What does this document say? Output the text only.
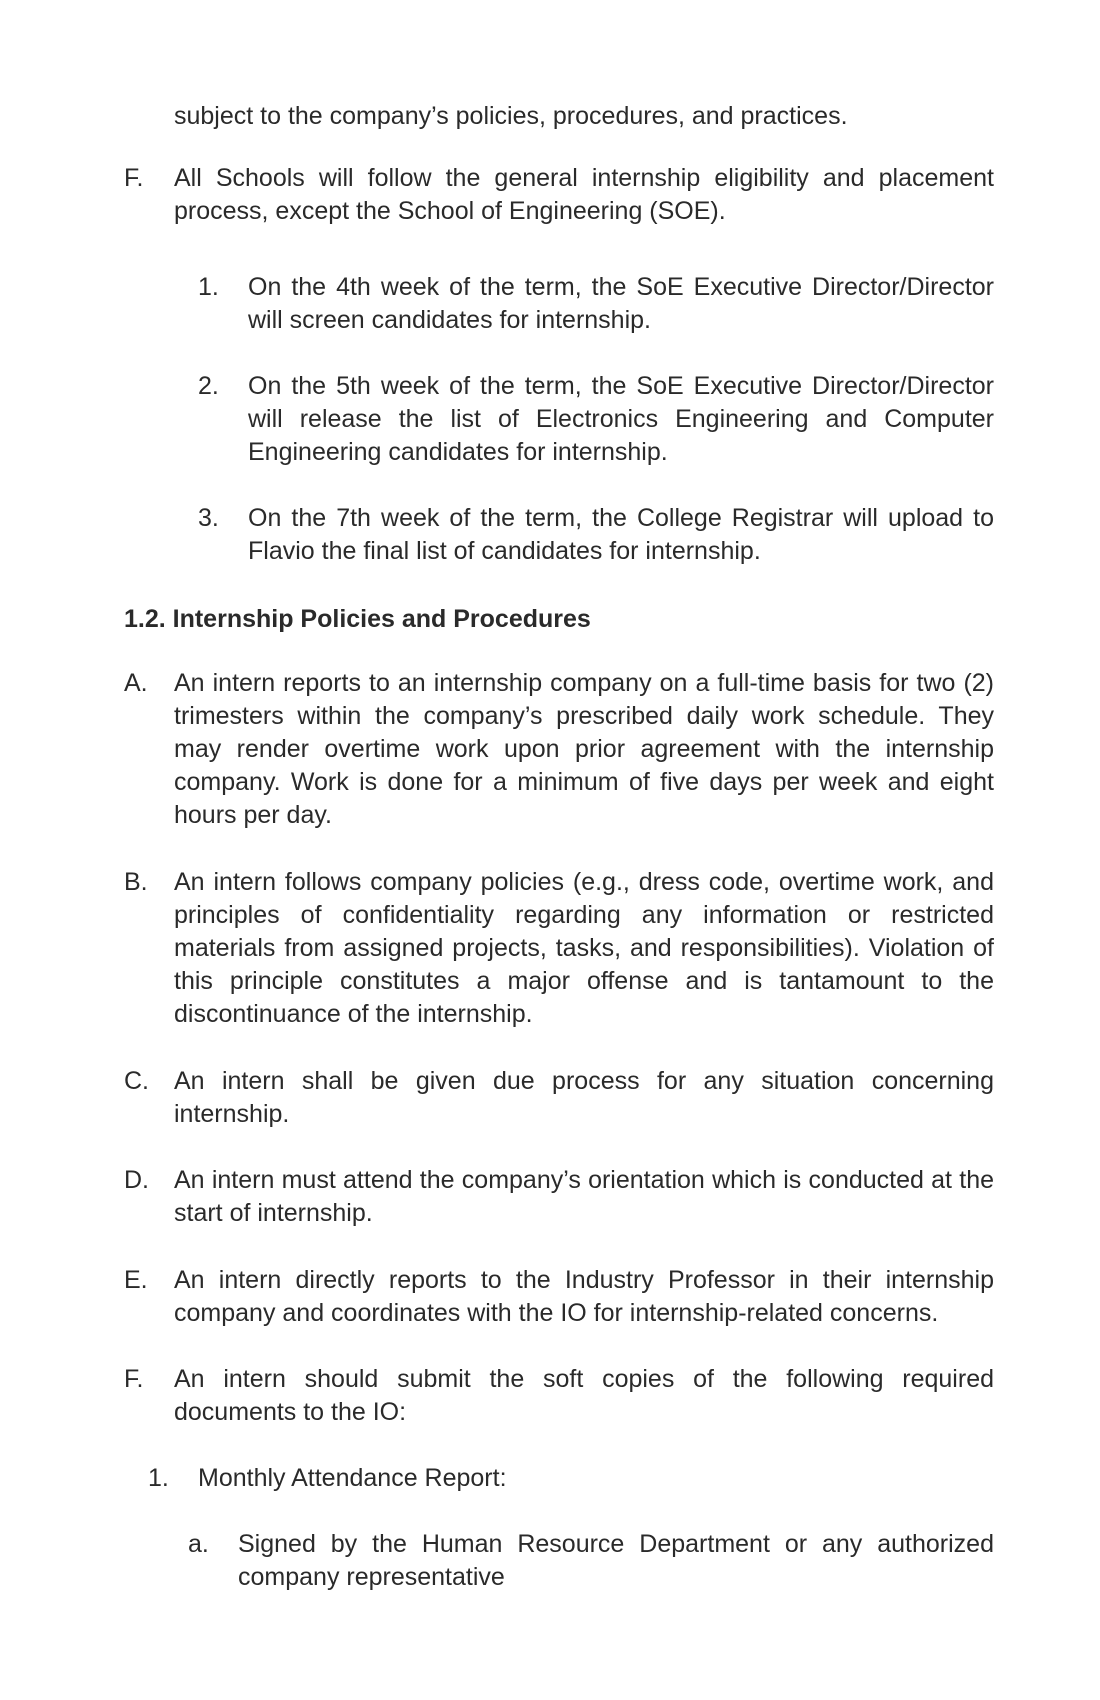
subject to the company’s policies, procedures, and practices.

F. All Schools will follow the general internship eligibility and placement process, except the School of Engineering (SOE).
1. On the 4th week of the term, the SoE Executive Director/Director will screen candidates for internship.
2. On the 5th week of the term, the SoE Executive Director/Director will release the list of Electronics Engineering and Computer Engineering candidates for internship.
3. On the 7th week of the term, the College Registrar will upload to Flavio the final list of candidates for internship.
1.2. Internship Policies and Procedures
A. An intern reports to an internship company on a full-time basis for two (2) trimesters within the company’s prescribed daily work schedule. They may render overtime work upon prior agreement with the internship company. Work is done for a minimum of five days per week and eight hours per day.
B. An intern follows company policies (e.g., dress code, overtime work, and principles of confidentiality regarding any information or restricted materials from assigned projects, tasks, and responsibilities). Violation of this principle constitutes a major offense and is tantamount to the discontinuance of the internship.
C. An intern shall be given due process for any situation concerning internship.
D. An intern must attend the company’s orientation which is conducted at the start of internship.
E. An intern directly reports to the Industry Professor in their internship company and coordinates with the IO for internship-related concerns.
F. An intern should submit the soft copies of the following required documents to the IO:
1. Monthly Attendance Report:
a. Signed by the Human Resource Department or any authorized company representative
